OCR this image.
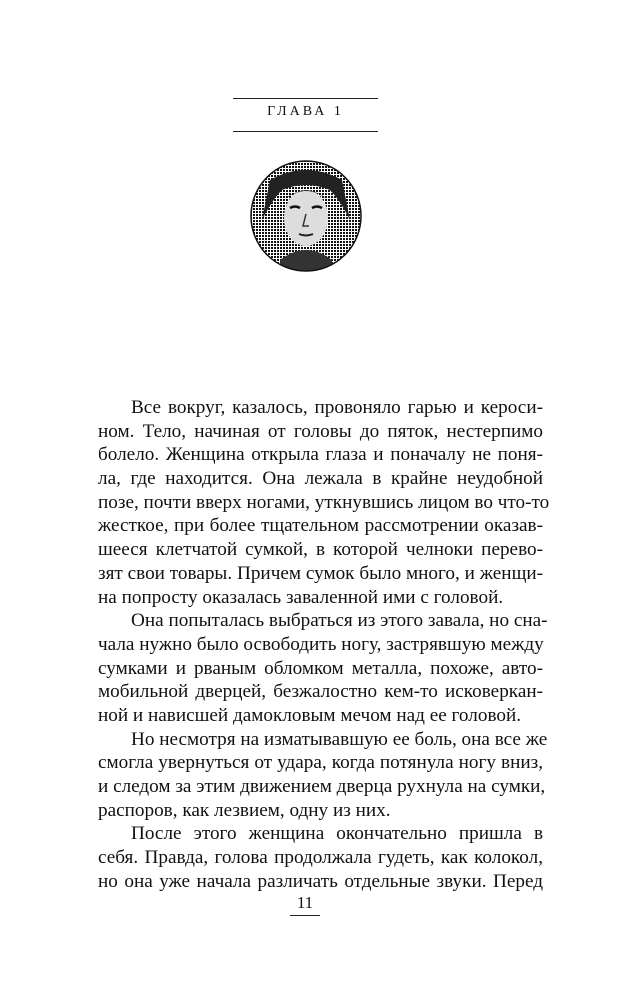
ГЛАВА 1
Все вокруг, казалось, провоняло гарью и кероси-
ном. Тело, начиная от головы до пяток, нестерпимо
болело. Женщина открыла глаза и поначалу не поня-
ла, где находится. Она лежала в крайне неудобной
позе, почти вверх ногами, уткнувшись лицом во что-то
жесткое, при более тщательном рассмотрении оказав-
шееся клетчатой сумкой, в которой челноки перево-
зят свои товары. Причем сумок было много, и женщи-
на попросту оказалась заваленной ими с головой.
Она попыталась выбраться из этого завала, но сна-
чала нужно было освободить ногу, застрявшую между
сумками и рваным обломком металла, похоже, авто-
мобильной дверцей, безжалостно кем-то исковеркан-
ной и нависшей дамокловым мечом над ее головой.
Но несмотря на изматывавшую ее боль, она все же
смогла увернуться от удара, когда потянула ногу вниз,
и следом за этим движением дверца рухнула на сумки,
распоров, как лезвием, одну из них.
После этого женщина окончательно пришла в
себя. Правда, голова продолжала гудеть, как колокол,
но она уже начала различать отдельные звуки. Перед
11
